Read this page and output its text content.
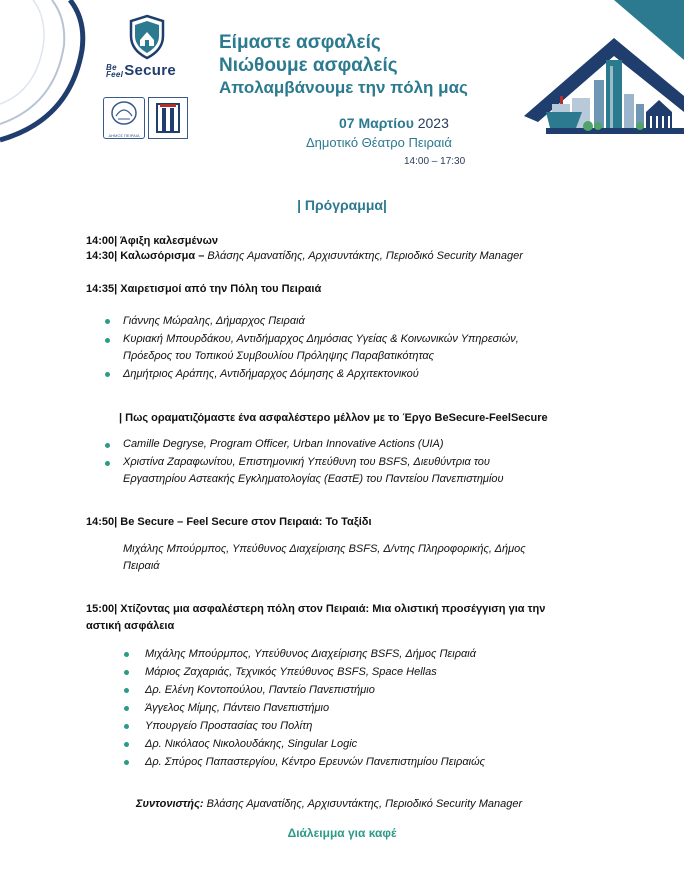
Be
FeelSecure
ΔΗΜΟΣ ΠΕΙΡΑΙΑ
Είμαστε ασφαλείς
Νιώθουμε ασφαλείς
Απολαμβάνουμε την πόλη μας
07 Μαρτίου 2023
Δημοτικό Θέατρο Πειραιά
14:00 – 17:30
| Πρόγραμμα|
14:00| Άφιξη καλεσμένων
14:30| Καλωσόρισμα – Βλάσης Αμανατίδης, Αρχισυντάκτης, Περιοδικό Security Manager
14:35| Χαιρετισμοί από την Πόλη του Πειραιά
Γιάννης Μώραλης, Δήμαρχος Πειραιά
Κυριακή Μπουρδάκου, Αντιδήμαρχος Δημόσιας Υγείας & Κοινωνικών Υπηρεσιών,
Πρόεδρος του Τοπικού Συμβουλίου Πρόληψης Παραβατικότητας
Δημήτριος Αράπης, Αντιδήμαρχος Δόμησης & Αρχιτεκτονικού
| Πως οραματιζόμαστε ένα ασφαλέστερο μέλλον με το Έργο BeSecure-FeelSecure
Camille Degryse, Program Officer, Urban Innovative Actions (UIA)
Χριστίνα Ζαραφωνίτου, Επιστημονική Υπεύθυνη του BSFS, Διευθύντρια του
Εργαστηρίου Αστεακής Εγκληματολογίας (ΕαστΕ) του Παντείου Πανεπιστημίου
14:50| Be Secure – Feel Secure στον Πειραιά: Το Ταξίδι
Μιχάλης Μπούρμπος, Υπεύθυνος Διαχείρισης BSFS, Δ/ντης Πληροφορικής, Δήμος
Πειραιά
15:00| Χτίζοντας μια ασφαλέστερη πόλη στον Πειραιά: Μια ολιστική προσέγγιση για την
αστική ασφάλεια
Μιχάλης Μπούρμπος, Υπεύθυνος Διαχείρισης BSFS, Δήμος Πειραιά
Μάριος Ζαχαριάς, Τεχνικός Υπεύθυνος BSFS, Space Hellas
Δρ. Ελένη Κοντοπούλου, Παντείο Πανεπιστήμιο
Άγγελος Μίμης, Πάντειο Πανεπιστήμιο
Υπουργείο Προστασίας του Πολίτη
Δρ. Νικόλαος Νικολουδάκης, Singular Logic
Δρ. Σπύρος Παπαστεργίου, Κέντρο Ερευνών Πανεπιστημίου Πειραιώς
Συντονιστής: Βλάσης Αμανατίδης, Αρχισυντάκτης, Περιοδικό Security Manager
Διάλειμμα για καφέ
